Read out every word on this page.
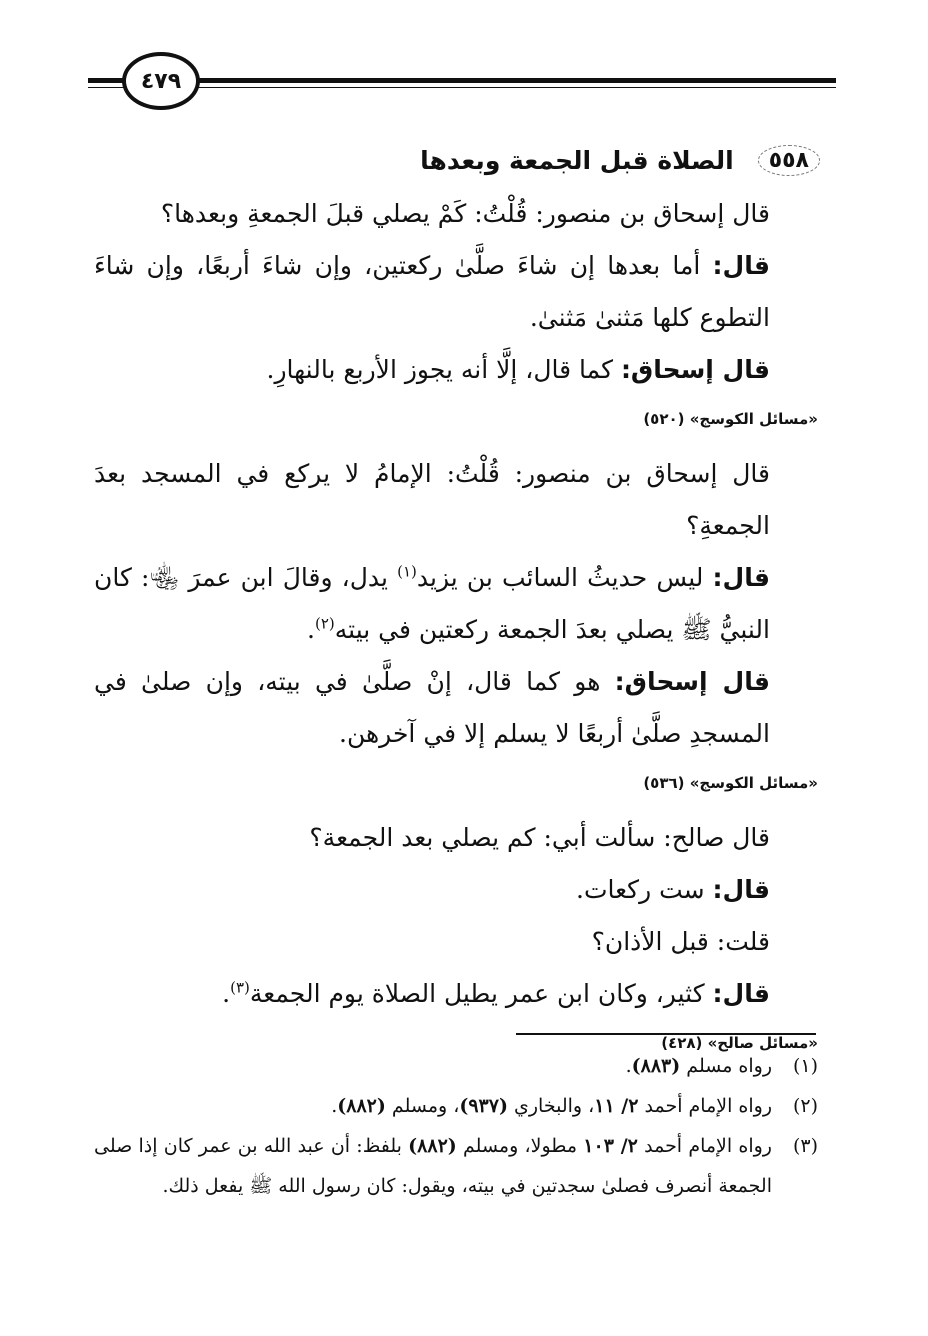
٤٧٩
٥٥٨
الصلاة قبل الجمعة وبعدها

قال إسحاق بن منصور: قُلْتُ: كَمْ يصلي قبلَ الجمعةِ وبعدها؟

قال: أما بعدها إن شاءَ صلَّىٰ ركعتين، وإن شاءَ أربعًا، وإن شاءَ التطوع كلها مَثنىٰ مَثنىٰ.

قال إسحاق: كما قال، إلَّا أنه يجوز الأربع بالنهارِ.

«مسائل الكوسج» (٥٢٠)

قال إسحاق بن منصور: قُلْتُ: الإمامُ لا يركع في المسجد بعدَ الجمعةِ؟

قال: ليس حديثُ السائب بن يزيد$^{(١)}$ يدل، وقالَ ابن عمرَ ﵄: كان النبيُّ ﷺ يصلي بعدَ الجمعة ركعتين في بيته$^{(٢)}$.

قال إسحاق: هو كما قال، إنْ صلَّىٰ في بيته، وإن صلىٰ في المسجدِ صلَّىٰ أربعًا لا يسلم إلا في آخرهن.

«مسائل الكوسج» (٥٣٦)

قال صالح: سألت أبي: كم يصلي بعد الجمعة؟

قال: ست ركعات.

قلت: قبل الأذان؟

قال: كثير، وكان ابن عمر يطيل الصلاة يوم الجمعة$^{(٣)}$.

«مسائل صالح» (٤٢٨)

(١)
رواه مسلم (٨٨٣).

(٢)
رواه الإمام أحمد ٢/ ١١، والبخاري (٩٣٧)، ومسلم (٨٨٢).

(٣)
رواه الإمام أحمد ٢/ ١٠٣ مطولا، ومسلم (٨٨٢) بلفظ: أن عبد الله بن عمر كان إذا صلى الجمعة أنصرف فصلىٰ سجدتين في بيته، ويقول: كان رسول الله ﷺ يفعل ذلك.
